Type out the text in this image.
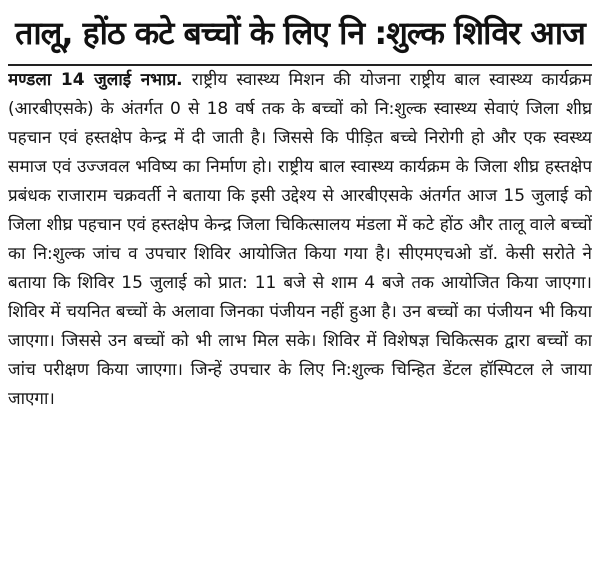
तालू, होंठ कटे बच्चों के लिए नि :शुल्क शिविर आज

मण्डला 14 जुलाई नभाप्र. राष्ट्रीय स्वास्थ्य मिशन की योजना राष्ट्रीय बाल स्वास्थ्य कार्यक्रम (आरबीएसके) के अंतर्गत 0 से 18 वर्ष तक के बच्चों को नि:शुल्क स्वास्थ्य सेवाएं जिला शीघ्र पहचान एवं हस्तक्षेप केन्द्र में दी जाती है। जिससे कि पीड़ित बच्चे निरोगी हो और एक स्वस्थ्य समाज एवं उज्जवल भविष्य का निर्माण हो। राष्ट्रीय बाल स्वास्थ्य कार्यक्रम के जिला शीघ्र हस्तक्षेप प्रबंधक राजाराम चक्रवर्ती ने बताया कि इसी उद्देश्य से आरबीएसके अंतर्गत आज 15 जुलाई को जिला शीघ्र पहचान एवं हस्तक्षेप केन्द्र जिला चिकित्सालय मंडला में कटे होंठ और तालू वाले बच्चों का नि:शुल्क जांच व उपचार शिविर आयोजित किया गया है। सीएमएचओ डॉ. केसी सरोते ने बताया कि शिविर 15 जुलाई को प्रात: 11 बजे से शाम 4 बजे तक आयोजित किया जाएगा। शिविर में चयनित बच्चों के अलावा जिनका पंजीयन नहीं हुआ है। उन बच्चों का पंजीयन भी किया जाएगा। जिससे उन बच्चों को भी लाभ मिल सके। शिविर में विशेषज्ञ चिकित्सक द्वारा बच्चों का जांच परीक्षण किया जाएगा। जिन्हें उपचार के लिए नि:शुल्क चिन्हित डेंटल हॉस्पिटल ले जाया जाएगा।
